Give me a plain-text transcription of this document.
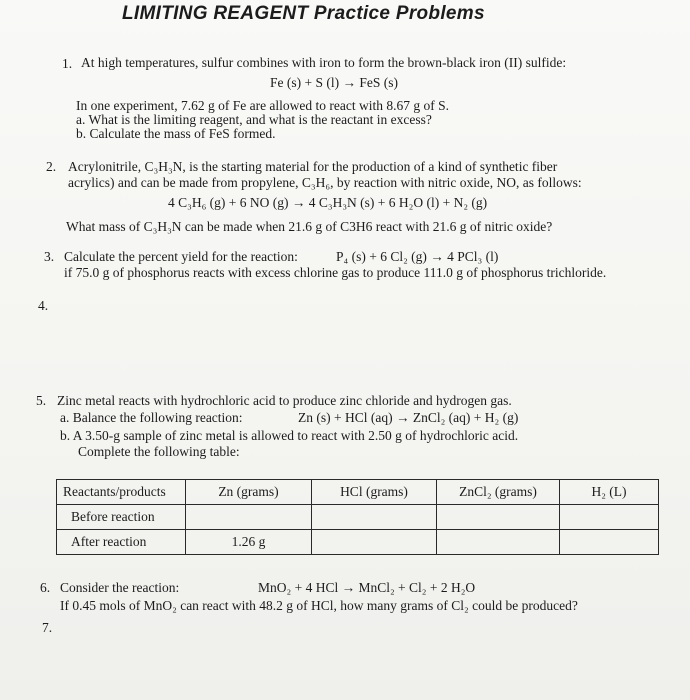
LIMITING REAGENT Practice Problems
1. At high temperatures, sulfur combines with iron to form the brown-black iron (II) sulfide:
Fe (s) + S (l) → FeS (s)
In one experiment, 7.62 g of Fe are allowed to react with 8.67 g of S.
a. What is the limiting reagent, and what is the reactant in excess?
b. Calculate the mass of FeS formed.
2. Acrylonitrile, C₃H₃N, is the starting material for the production of a kind of synthetic fiber
acrylics) and can be made from propylene, C₃H₆, by reaction with nitric oxide, NO, as follows:
4 C₃H₆ (g) + 6 NO (g) → 4 C₃H₃N (s) + 6 H₂O (l) + N₂ (g)
What mass of C₃H₃N can be made when 21.6 g of C3H6 react with 21.6 g of nitric oxide?
3. Calculate the percent yield for the reaction:	P₄ (s) + 6 Cl₂ (g) → 4 PCl₃ (l)
if 75.0 g of phosphorus reacts with excess chlorine gas to produce 111.0 g of phosphorus trichloride.
4.
5. Zinc metal reacts with hydrochloric acid to produce zinc chloride and hydrogen gas.
a. Balance the following reaction:	Zn (s) + HCl (aq) → ZnCl₂ (aq) + H₂ (g)
b. A 3.50-g sample of zinc metal is allowed to react with 2.50 g of hydrochloric acid.
Complete the following table:
Reactants/products	Zn (grams)	HCl (grams)	ZnCl₂ (grams)	H₂ (L)
Before reaction				
After reaction	1.26 g			
6. Consider the reaction:	MnO₂ + 4 HCl → MnCl₂ + Cl₂ + 2 H₂O
If 0.45 mols of MnO₂ can react with 48.2 g of HCl, how many grams of Cl₂ could be produced?
7.
